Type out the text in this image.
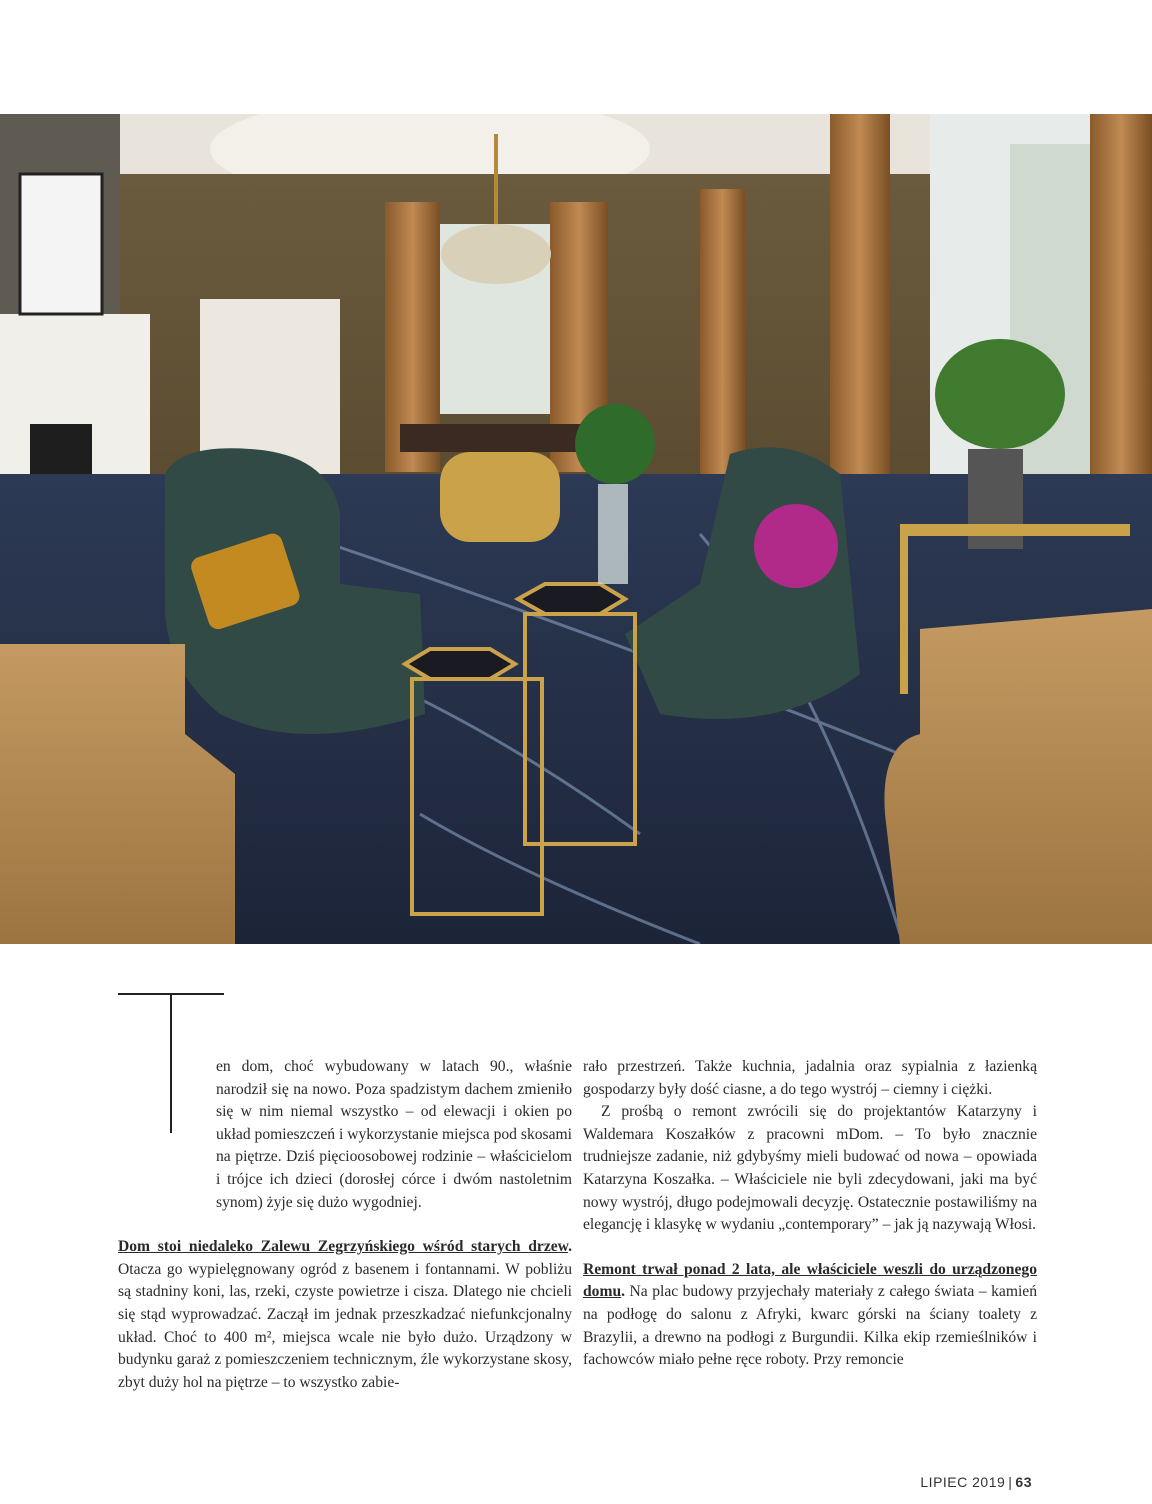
en dom, choć wybudowany w latach 90., właśnie narodził się na nowo. Poza spadzistym dachem zmieniło się w nim niemal wszystko – od elewacji i okien po układ pomieszczeń i wykorzystanie miejsca pod skosami na piętrze. Dziś pięcioosobowej rodzinie – właścicielom i trójce ich dzieci (dorosłej córce i dwóm nastoletnim synom) żyje się dużo wygodniej.

Dom stoi niedaleko Zalewu Zegrzyńskiego wśród starych drzew. Otacza go wypielęgnowany ogród z basenem i fontannami. W pobliżu są stadniny koni, las, rzeki, czyste powietrze i cisza. Dlatego nie chcieli się stąd wyprowadzać. Zaczął im jednak przeszkadzać niefunkcjonalny układ. Choć to 400 m², miejsca wcale nie było dużo. Urządzony w budynku garaż z pomieszczeniem technicznym, źle wykorzystane skosy, zbyt duży hol na piętrze – to wszystko zabie-

rało przestrzeń. Także kuchnia, jadalnia oraz sypialnia z łazienką gospodarzy były dość ciasne, a do tego wystrój – ciemny i ciężki.

Z prośbą o remont zwrócili się do projektantów Katarzyny i Waldemara Koszałków z pracowni mDom. – To było znacznie trudniejsze zadanie, niż gdybyśmy mieli budować od nowa – opowiada Katarzyna Koszałka. – Właściciele nie byli zdecydowani, jaki ma być nowy wystrój, długo podejmowali decyzję. Ostatecznie postawiliśmy na elegancję i klasykę w wydaniu „contemporary” – jak ją nazywają Włosi.

Remont trwał ponad 2 lata, ale właściciele weszli do urządzonego domu. Na plac budowy przyjechały materiały z całego świata – kamień na podłogę do salonu z Afryki, kwarc górski na ściany toalety z Brazylii, a drewno na podłogi z Burgundii. Kilka ekip rzemieślników i fachowców miało pełne ręce roboty. Przy remoncie

LIPIEC 2019 | 63
